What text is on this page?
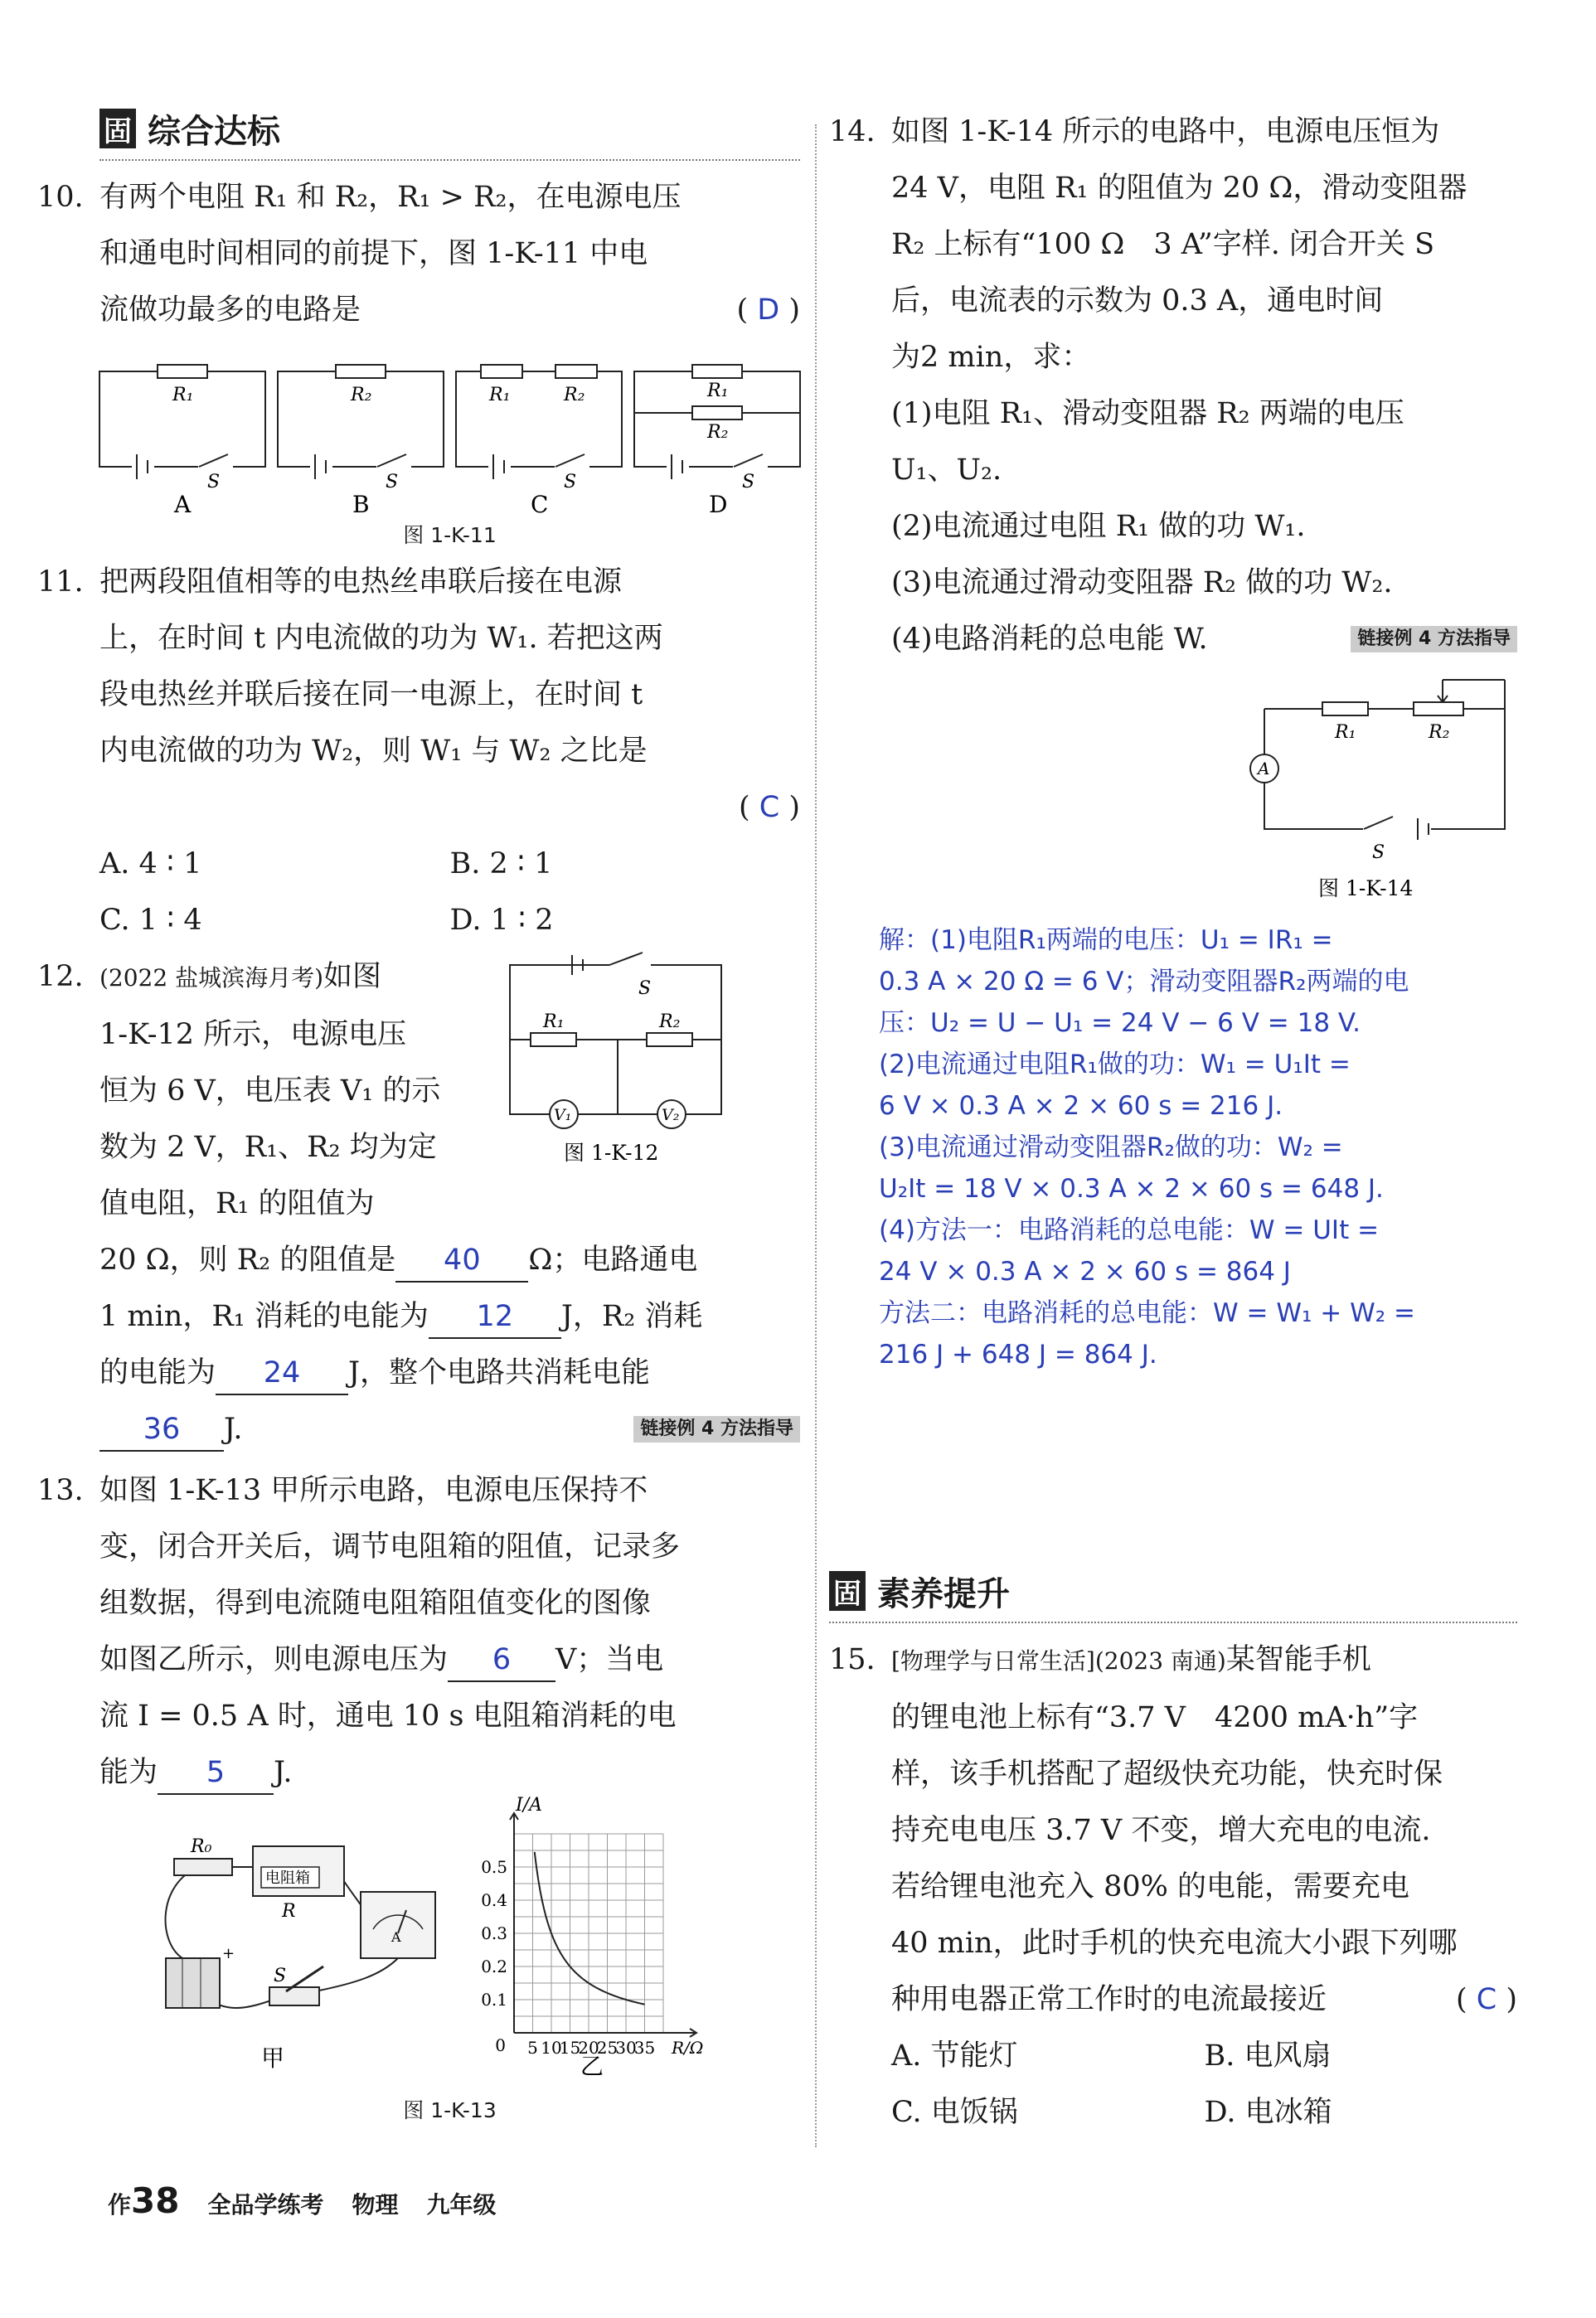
固 综合达标
10. 有两个电阻 R₁ 和 R₂，R₁ > R₂，在电源电压
和通电时间相同的前提下，图 1-K-11 中电
流做功最多的电路是	( D )
R₁	R₂	R₁	R₂	R₁
R₂
S	S	S	S
A	B	C	D
图 1-K-11
11. 把两段阻值相等的电热丝串联后接在电源
上，在时间 t 内电流做的功为 W₁. 若把这两
段电热丝并联后接在同一电源上，在时间 t
内电流做的功为 W₂，则 W₁ 与 W₂ 之比是
( C )
A. 4 ∶ 1	B. 2 ∶ 1
C. 1 ∶ 4	D. 1 ∶ 2
12. (2022 盐城滨海月考)如图
1-K-12 所示，电源电压
恒为 6 V，电压表 V₁ 的示
数为 2 V，R₁、R₂ 均为定
值电阻，R₁ 的阻值为
S
R₁	R₂
V₁	V₂
图 1-K-12
20 Ω，则 R₂ 的阻值是 40 Ω；电路通电
1 min，R₁ 消耗的电能为 12 J，R₂ 消耗
的电能为 24 J，整个电路共消耗电能
36 J.	链接例 4 方法指导
13. 如图 1-K-13 甲所示电路，电源电压保持不
变，闭合开关后，调节电阻箱的阻值，记录多
组数据，得到电流随电阻箱阻值变化的图像
如图乙所示，则电源电压为 6 V；当电
流 I = 0.5 A 时，通电 10 s 电阻箱消耗的电
能为 5 J.
R₀
电阻箱
R
A
S
+
甲
0.1
0.2
0.3
0.4
0.5
5 10
15
20
25
30
35
0	R/Ω
I/A
乙
图 1-K-13
14. 如图 1-K-14 所示的电路中，电源电压恒为
24 V，电阻 R₁ 的阻值为 20 Ω，滑动变阻器
R₂ 上标有“100 Ω　3 A”字样. 闭合开关 S
后，电流表的示数为 0.3 A，通电时间
为2 min，求：
(1)电阻 R₁、滑动变阻器 R₂ 两端的电压
U₁、U₂.
(2)电流通过电阻 R₁ 做的功 W₁.
(3)电流通过滑动变阻器 R₂ 做的功 W₂.
(4)电路消耗的总电能 W.	链接例 4 方法指导
R₁	R₂
A
S
图 1-K-14
解：(1)电阻R₁两端的电压：U₁ = IR₁ =
0.3 A × 20 Ω = 6 V；滑动变阻器R₂两端的电
压：U₂ = U − U₁ = 24 V − 6 V = 18 V.
(2)电流通过电阻R₁做的功：W₁ = U₁It =
6 V × 0.3 A × 2 × 60 s = 216 J.
(3)电流通过滑动变阻器R₂做的功：W₂ =
U₂It = 18 V × 0.3 A × 2 × 60 s = 648 J.
(4)方法一：电路消耗的总电能：W = UIt =
24 V × 0.3 A × 2 × 60 s = 864 J
方法二：电路消耗的总电能：W = W₁ + W₂ =
216 J + 648 J = 864 J.
固 素养提升
15. [物理学与日常生活](2023 南通)某智能手机
的锂电池上标有“3.7 V　4200 mA·h”字
样，该手机搭配了超级快充功能，快充时保
持充电电压 3.7 V 不变，增大充电的电流.
若给锂电池充入 80% 的电能，需要充电
40 min，此时手机的快充电流大小跟下列哪
种用电器正常工作时的电流最接近	( C )
A. 节能灯	B. 电风扇
C. 电饭锅	D. 电冰箱
作38 全品学练考 物理 九年级
